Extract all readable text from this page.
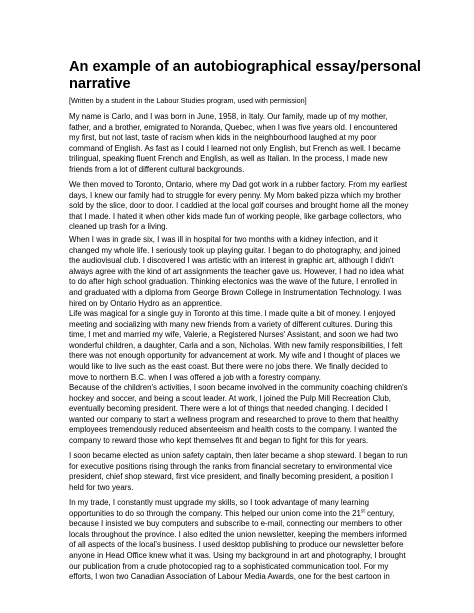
An example of an autobiographical essay/personal
narrative
[Written by a student in the Labour Studies program, used with permission]
My name is Carlo, and I was born in June, 1958, in Italy. Our family, made up of my mother,
father, and a brother, emigrated to Noranda, Quebec, when I was five years old. I encountered
my first, but not last, taste of racism when kids in the neighbourhood laughed at my poor
command of English. As fast as I could I learned not only English, but French as well. I became
trilingual, speaking fluent French and English, as well as Italian. In the process, I made new
friends from a lot of different cultural backgrounds.
We then moved to Toronto, Ontario, where my Dad got work in a rubber factory. From my earliest
days, I knew our family had to struggle for every penny. My Mom baked pizza which my brother
sold by the slice, door to door. I caddied at the local golf courses and brought home all the money
that I made. I hated it when other kids made fun of working people, like garbage collectors, who
cleaned up trash for a living.
When I was in grade six, I was ill in hospital for two months with a kidney infection, and it
changed my whole life. I seriously took up playing guitar. I began to do photography, and joined
the audiovisual club. I discovered I was artistic with an interest in graphic art, although I didn't
always agree with the kind of art assignments the teacher gave us. However, I had no idea what
to do after high school graduation. Thinking electonics was the wave of the future, I enrolled in
and graduated with a diploma from George Brown College in Instrumentation Technology. I was
hired on by Ontario Hydro as an apprentice.
Life was magical for a single guy in Toronto at this time. I made quite a bit of money. I enjoyed
meeting and socializing with many new friends from a variety of different cultures. During this
time, I met and married my wife, Valerie, a Registered Nurses' Assistant, and soon we had two
wonderful children, a daughter, Carla and a son, Nicholas. With new family responsibilities, I felt
there was not enough opportunity for advancement at work. My wife and I thought of places we
would like to live such as the east coast. But there were no jobs there. We finally decided to
move to northern B.C. when I was offered a job with a forestry company.
Because of the children's activities, I soon became involved in the community coaching children's
hockey and soccer, and being a scout leader. At work, I joined the Pulp Mill Recreation Club,
eventually becoming president. There were a lot of things that needed changing. I decided I
wanted our company to start a wellness program and researched to prove to them that healthy
employees tremendously reduced absenteeism and health costs to the company. I wanted the
company to reward those who kept themselves fit and began to fight for this for years.
I soon became elected as union safety captain, then later became a shop steward. I began to run
for executive positions rising through the ranks from financial secretary to environmental vice
president, chief shop steward, first vice president, and finally becoming president, a position I
held for two years.
In my trade, I constantly must upgrade my skills, so I took advantage of many learning
opportunities to do so through the company. This helped our union come into the 21st century,
because I insisted we buy computers and subscribe to e-mail, connecting our members to other
locals throughout the province. I also edited the union newsletter, keeping the members informed
of all aspects of the local's business. I used desktop publishing to produce our newsletter before
anyone in Head Office knew what it was. Using my background in art and photography, I brought
our publication from a crude photocopied rag to a sophisticated communication tool. For my
efforts, I won two Canadian Association of Labour Media Awards, one for the best cartoon in
